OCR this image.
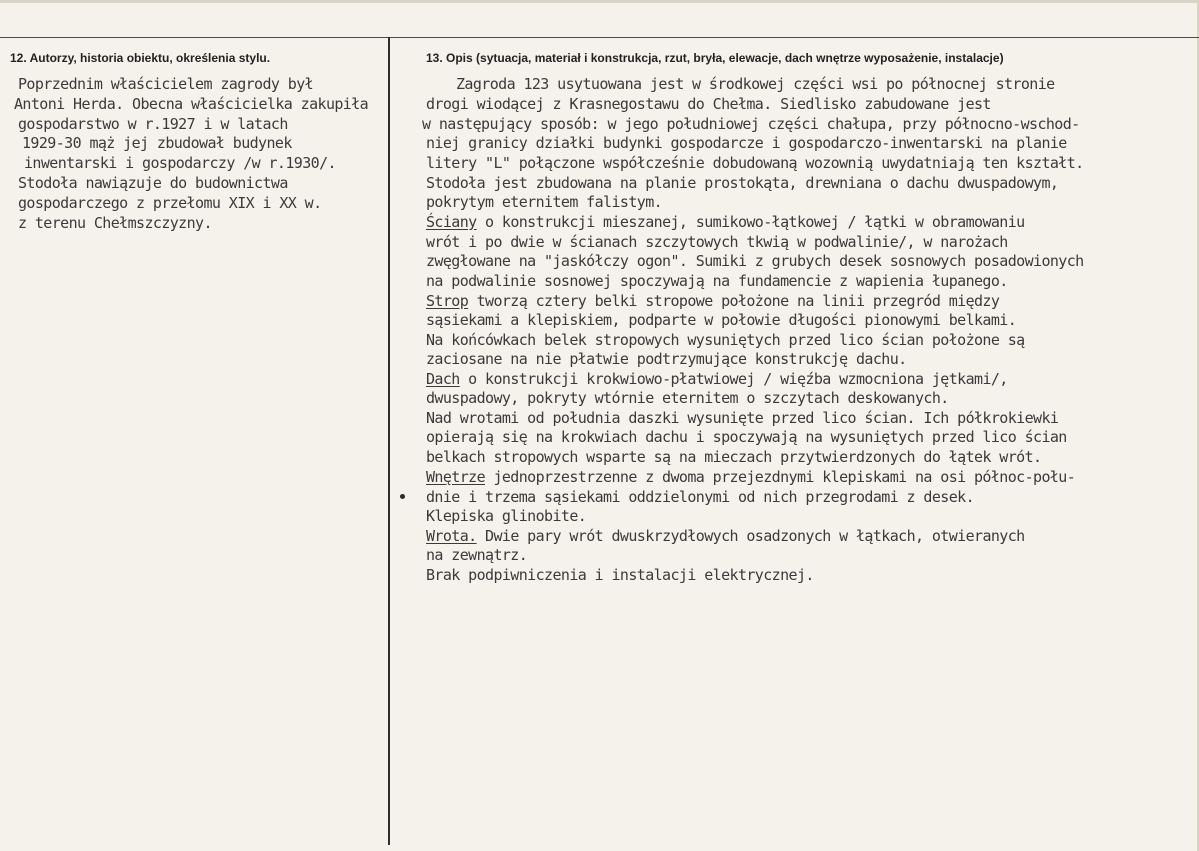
12. Autorzy, historia obiektu, określenia stylu.	13. Opis (sytuacja, materiał i konstrukcja, rzut, bryła, elewacje, dach wnętrze wyposażenie, instalacje)
Poprzednim właścicielem zagrody był
Antoni Herda. Obecna właścicielka zakupiła
gospodarstwo w r.1927 i w latach
1929-30 mąż jej zbudował budynek
inwentarski i gospodarczy /w r.1930/.
Stodoła nawiązuje do budownictwa
gospodarczego z przełomu XIX i XX w.
z terenu Chełmszczyzny.
Zagroda 123 usytuowana jest w środkowej części wsi po północnej stronie
drogi wiodącej z Krasnegostawu do Chełma. Siedlisko zabudowane jest
w następujący sposób: w jego południowej części chałupa, przy północno-wschod-
niej granicy działki budynki gospodarcze i gospodarczo-inwentarski na planie
litery "L" połączone współcześnie dobudowaną wozownią uwydatniają ten kształt.
Stodoła jest zbudowana na planie prostokąta, drewniana o dachu dwuspadowym,
pokrytym eternitem falistym.
Ściany o konstrukcji mieszanej, sumikowo-łątkowej / łątki w obramowaniu
wrót i po dwie w ścianach szczytowych tkwią w podwalinie/, w narożach
zwęgłowane na "jaskółczy ogon". Sumiki z grubych desek sosnowych posadowionych
na podwalinie sosnowej spoczywają na fundamencie z wapienia łupanego.
Strop tworzą cztery belki stropowe położone na linii przegród między
sąsiekami a klepiskiem, podparte w połowie długości pionowymi belkami.
Na końcówkach belek stropowych wysuniętych przed lico ścian położone są
zaciosane na nie płatwie podtrzymujące konstrukcję dachu.
Dach o konstrukcji krokwiowo-płatwiowej / więźba wzmocniona jętkami/,
dwuspadowy, pokryty wtórnie eternitem o szczytach deskowanych.
Nad wrotami od południa daszki wysunięte przed lico ścian. Ich półkrokiewki
opierają się na krokwiach dachu i spoczywają na wysuniętych przed lico ścian
belkach stropowych wsparte są na mieczach przytwierdzonych do łątek wrót.
Wnętrze jednoprzestrzenne z dwoma przejezdnymi klepiskami na osi północ-połu-
dnie i trzema sąsiekami oddzielonymi od nich przegrodami z desek.
Klepiska glinobite.
Wrota. Dwie pary wrót dwuskrzydłowych osadzonych w łątkach, otwieranych
na zewnątrz.
Brak podpiwniczenia i instalacji elektrycznej.
